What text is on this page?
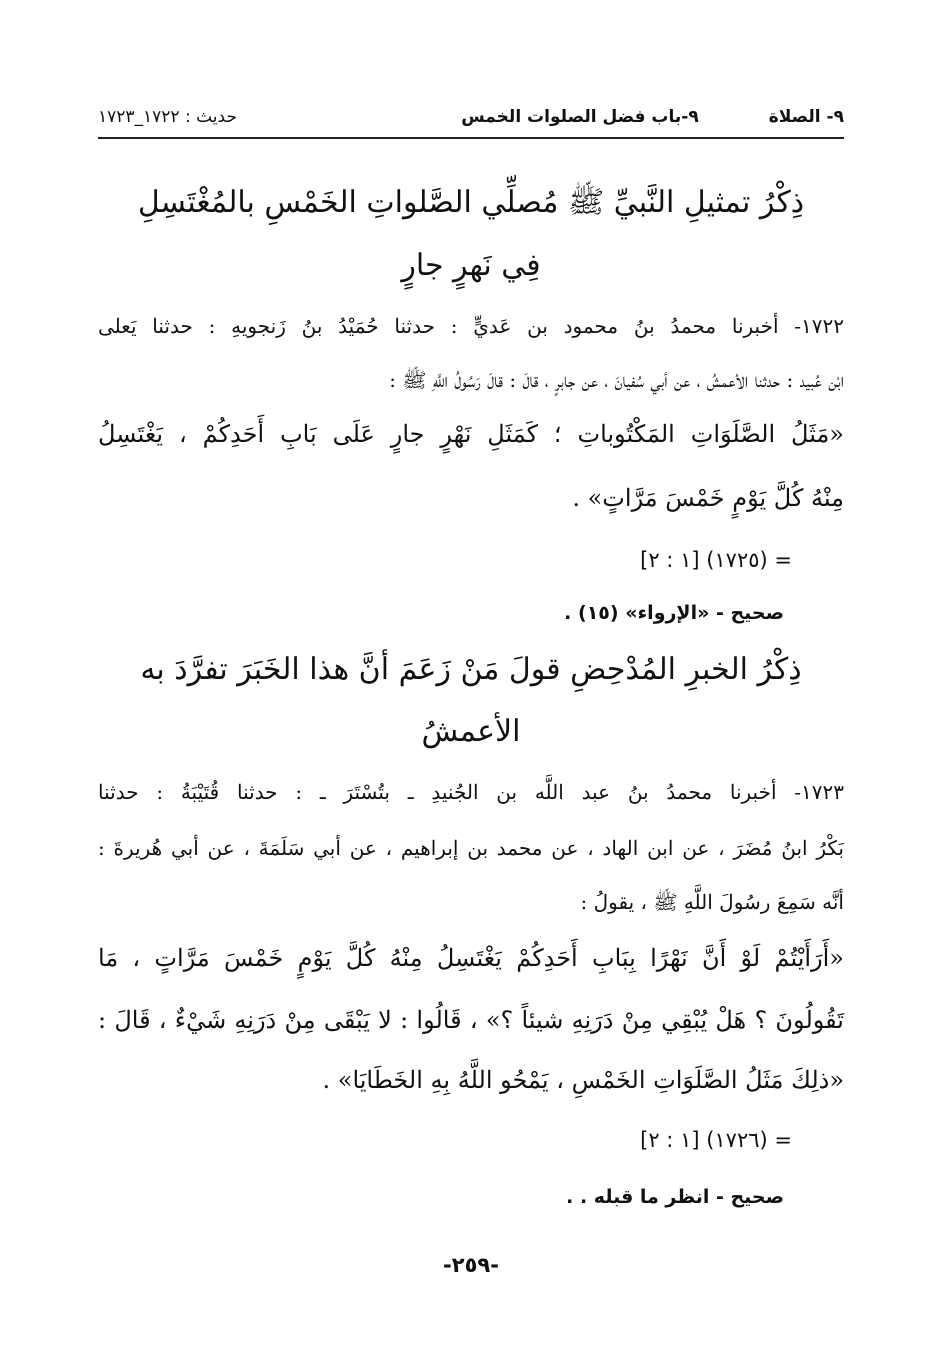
٩- الصلاة
٩-باب فضل الصلوات الخمس
حديث : ١٧٢٢_١٧٢٣
ذِكْرُ تمثيلِ النَّبيِّ ﷺ مُصلِّي الصَّلواتِ الخَمْسِ بالمُغْتَسِلِ
فِي نَهرٍ جارٍ
١٧٢٢- أخبرنا محمدُ بنُ محمود بن عَديٍّ : حدثنا حُمَيْدُ بنُ زَنجويهِ : حدثنا يَعلى
ابْن عُبيد : حدثنا الأعمشُ ، عن أبي سُفيانَ ، عن جابرٍ ، قالَ : قالَ رَسُولُ اللَّهِ ﷺ :
«مَثَلُ الصَّلَوَاتِ المَكْتُوباتِ ؛ كَمَثَلِ نَهْرٍ جارٍ عَلَى بَابِ أَحَدِكُمْ ، يَغْتَسِلُ
مِنْهُ كُلَّ يَوْمٍ خَمْسَ مَرَّاتٍ» .
= (١٧٢٥) [١ : ٢]
صحيح - «الإرواء» (١٥) .
ذِكْرُ الخبرِ المُدْحِضِ قولَ مَنْ زَعَمَ أنَّ هذا الخَبَرَ تفرَّدَ به
الأعمشُ
١٧٢٣- أخبرنا محمدُ بنُ عبد اللَّه بن الجُنيدِ ـ بتُسْتَرَ ـ : حدثنا قُتَيْبَةُ : حدثنا
بَكْرُ ابنُ مُضَرَ ، عن ابن الهاد ، عن محمد بن إبراهيم ، عن أبي سَلَمَةَ ، عن أبي هُريرةَ :
أنَّه سَمِعَ رسُولَ اللَّهِ ﷺ ، يقولُ :
«أَرَأَيْتُمْ لَوْ أَنَّ نَهْرًا بِبَابِ أَحَدِكُمْ يَغْتَسِلُ مِنْهُ كُلَّ يَوْمٍ خَمْسَ مَرَّاتٍ ، مَا
تَقُولُونَ ؟ هَلْ يُبْقِي مِنْ دَرَنِهِ شيئاً ؟» ، قَالُوا : لا يَبْقَى مِنْ دَرَنِهِ شَيْءٌ ، قَالَ :
«ذلِكَ مَثَلُ الصَّلَوَاتِ الخَمْسِ ، يَمْحُو اللَّهُ بِهِ الخَطَايَا» .
= (١٧٢٦) [١ : ٢]
صحيح - انظر ما قبله . .
-٢٥٩-
